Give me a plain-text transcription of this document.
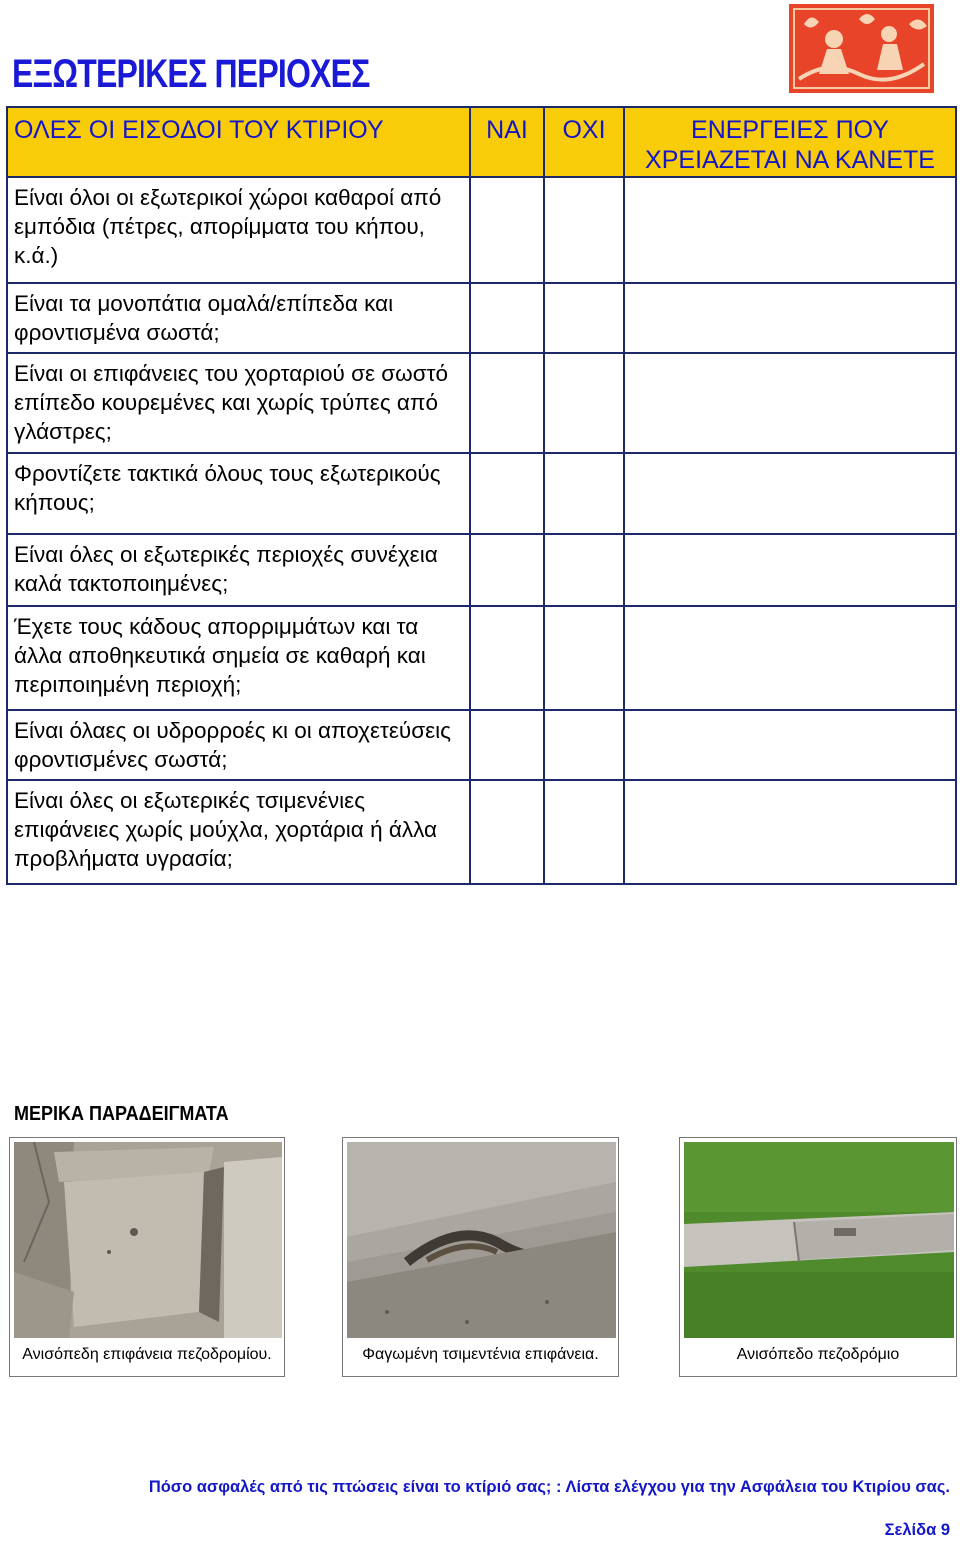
ΕΞΩΤΕΡΙΚΕΣ ΠΕΡΙΟΧΕΣ
ΟΛΕΣ ΟΙ ΕΙΣΟΔΟΙ ΤΟΥ ΚΤΙΡΙΟΥ	ΝΑΙ	ΟΧΙ	ΕΝΕΡΓΕΙΕΣ ΠΟΥ ΧΡΕΙΑΖΕΤΑΙ ΝΑ ΚΑΝΕΤΕ
Είναι όλοι οι εξωτερικοί χώροι καθαροί από εμπόδια (πέτρες, απορίμματα του κήπου, κ.ά.)			
Είναι τα μονοπάτια ομαλά/επίπεδα και φροντισμένα σωστά;			
Είναι οι επιφάνειες του χορταριού σε σωστό επίπεδο κουρεμένες και χωρίς τρύπες από γλάστρες;			
Φροντίζετε τακτικά όλους τους εξωτερικούς κήπους;			
Είναι όλες οι εξωτερικές περιοχές συνέχεια καλά τακτοποιημένες;			
Έχετε τους κάδους απορριμμάτων και τα άλλα αποθηκευτικά σημεία σε καθαρή και περιποιημένη περιοχή;			
Είναι όλαες οι υδρορροές κι οι αποχετεύσεις φροντισμένες σωστά;			
Είναι όλες οι εξωτερικές τσιμενένιες επιφάνειες χωρίς μούχλα, χορτάρια ή άλλα προβλήματα υγρασία;			
ΜΕΡΙΚΑ ΠΑΡΑΔΕΙΓΜΑΤΑ
Ανισόπεδη επιφάνεια πεζοδρομίου.	Φαγωμένη τσιμεντένια επιφάνεια.	Ανισόπεδο πεζοδρόμιο
Πόσο ασφαλές από τις πτώσεις είναι το κτίριό σας; : Λίστα ελέγχου για την Ασφάλεια του Κτιρίου σας.
Σελίδα 9
